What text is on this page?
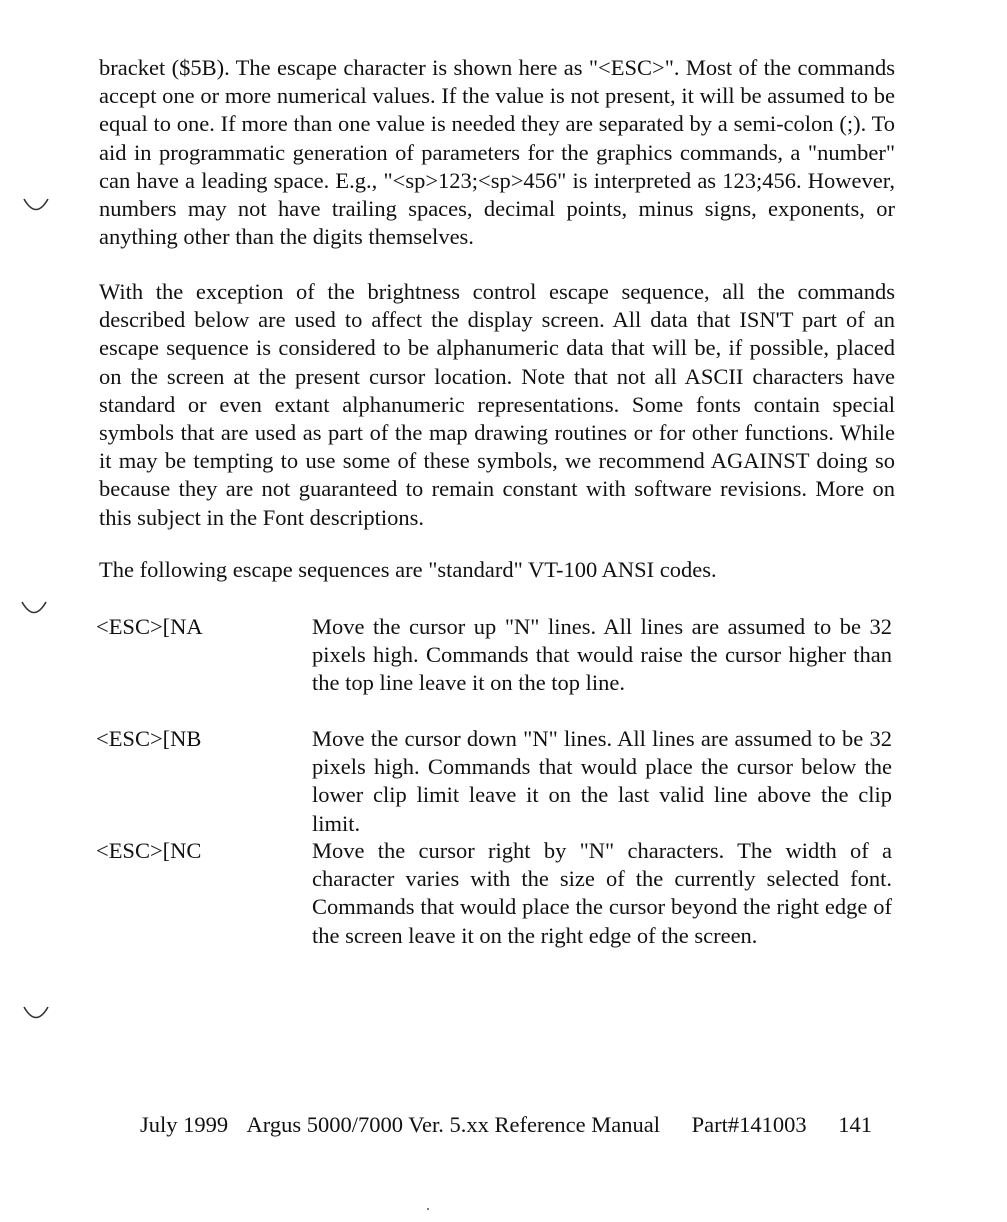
bracket ($5B). The escape character is shown here as "<ESC>". Most of the commands accept one or more numerical values. If the value is not present, it will be assumed to be equal to one. If more than one value is needed they are separated by a semi-colon (;). To aid in programmatic generation of parameters for the graphics commands, a "number" can have a leading space. E.g., "<sp>123;<sp>456" is interpreted as 123;456. However, numbers may not have trailing spaces, decimal points, minus signs, exponents, or anything other than the digits themselves.

With the exception of the brightness control escape sequence, all the commands described below are used to affect the display screen. All data that ISN'T part of an escape sequence is considered to be alphanumeric data that will be, if possible, placed on the screen at the present cursor location. Note that not all ASCII characters have standard or even extant alphanumeric representations. Some fonts contain special symbols that are used as part of the map drawing routines or for other functions. While it may be tempting to use some of these symbols, we recommend AGAINST doing so because they are not guaranteed to remain constant with software revisions. More on this subject in the Font descriptions.

The following escape sequences are "standard" VT-100 ANSI codes.

<ESC>[NA	Move the cursor up "N" lines. All lines are assumed to be 32 pixels high. Commands that would raise the cursor higher than the top line leave it on the top line.

<ESC>[NB	Move the cursor down "N" lines. All lines are assumed to be 32 pixels high. Commands that would place the cursor below the lower clip limit leave it on the last valid line above the clip limit.

<ESC>[NC	Move the cursor right by "N" characters. The width of a character varies with the size of the currently selected font. Commands that would place the cursor beyond the right edge of the screen leave it on the right edge of the screen.

July 1999 Argus 5000/7000 Ver. 5.xx Reference Manual Part#141003 141
